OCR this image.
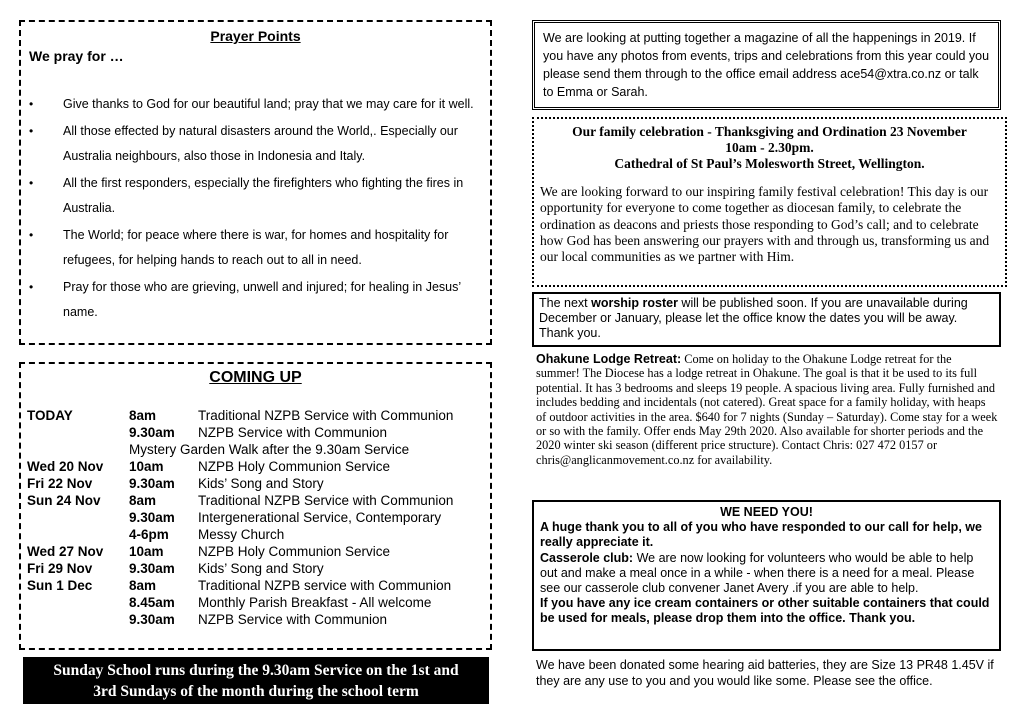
Prayer Points
We pray for …
• Give thanks to God for our beautiful land; pray that we may care for it well.
• All those effected by natural disasters around the World,. Especially our Australia neighbours, also those in Indonesia and Italy.
• All the first responders, especially the firefighters who fighting the fires in Australia.
• The World; for peace where there is war, for homes and hospitality for refugees, for helping hands to reach out to all in need.
• Pray for those who are grieving, unwell and injured; for healing in Jesus’ name.
COMING UP
TODAY	8am	Traditional NZPB Service with Communion
	9.30am	NZPB Service with Communion
	Mystery Garden Walk after the 9.30am Service	
Wed 20 Nov	10am	NZPB Holy Communion Service
Fri 22 Nov	9.30am	Kids’ Song and Story
Sun 24 Nov	8am	Traditional NZPB Service with Communion
	9.30am	Intergenerational Service, Contemporary
	4-6pm	Messy Church
Wed 27 Nov	10am	NZPB Holy Communion Service
Fri 29 Nov	9.30am	Kids’ Song and Story
Sun 1 Dec	8am	Traditional NZPB service with Communion
	8.45am	Monthly Parish Breakfast - All welcome
	9.30am	NZPB Service with Communion
Sunday School runs during the 9.30am Service on the 1st and
3rd Sundays of the month during the school term
We are looking at putting together a magazine of all the happenings in 2019. If you have any photos from events, trips and celebrations from this year could you please send them through to the office email address ace54@xtra.co.nz or talk to Emma or Sarah.
Our family celebration - Thanksgiving and Ordination 23 November
10am - 2.30pm.
Cathedral of St Paul’s Molesworth Street, Wellington.
We are looking forward to our inspiring family festival celebration! This day is our opportunity for everyone to come together as diocesan family, to celebrate the ordination as deacons and priests those responding to God’s call; and to celebrate how God has been answering our prayers with and through us, transforming us and our local communities as we partner with Him.
The next worship roster will be published soon. If you are unavailable during December or January, please let the office know the dates you will be away. Thank you.
Ohakune Lodge Retreat: Come on holiday to the Ohakune Lodge retreat for the summer! The Diocese has a lodge retreat in Ohakune. The goal is that it be used to its full potential. It has 3 bedrooms and sleeps 19 people. A spacious living area. Fully furnished and includes bedding and incidentals (not catered). Great space for a family holiday, with heaps of outdoor activities in the area. $640 for 7 nights (Sunday – Saturday). Come stay for a week or so with the family. Offer ends May 29th 2020. Also available for shorter periods and the 2020 winter ski season (different price structure). Contact Chris: 027 472 0157 or chris@anglicanmovement.co.nz for availability.
WE NEED YOU!
A huge thank you to all of you who have responded to our call for help, we really appreciate it.
Casserole club: We are now looking for volunteers who would be able to help out and make a meal once in a while - when there is a need for a meal. Please see our casserole club convener Janet Avery .if you are able to help.
If you have any ice cream containers or other suitable containers that could be used for meals, please drop them into the office. Thank you.
We have been donated some hearing aid batteries, they are Size 13 PR48 1.45V if they are any use to you and you would like some. Please see the office.
